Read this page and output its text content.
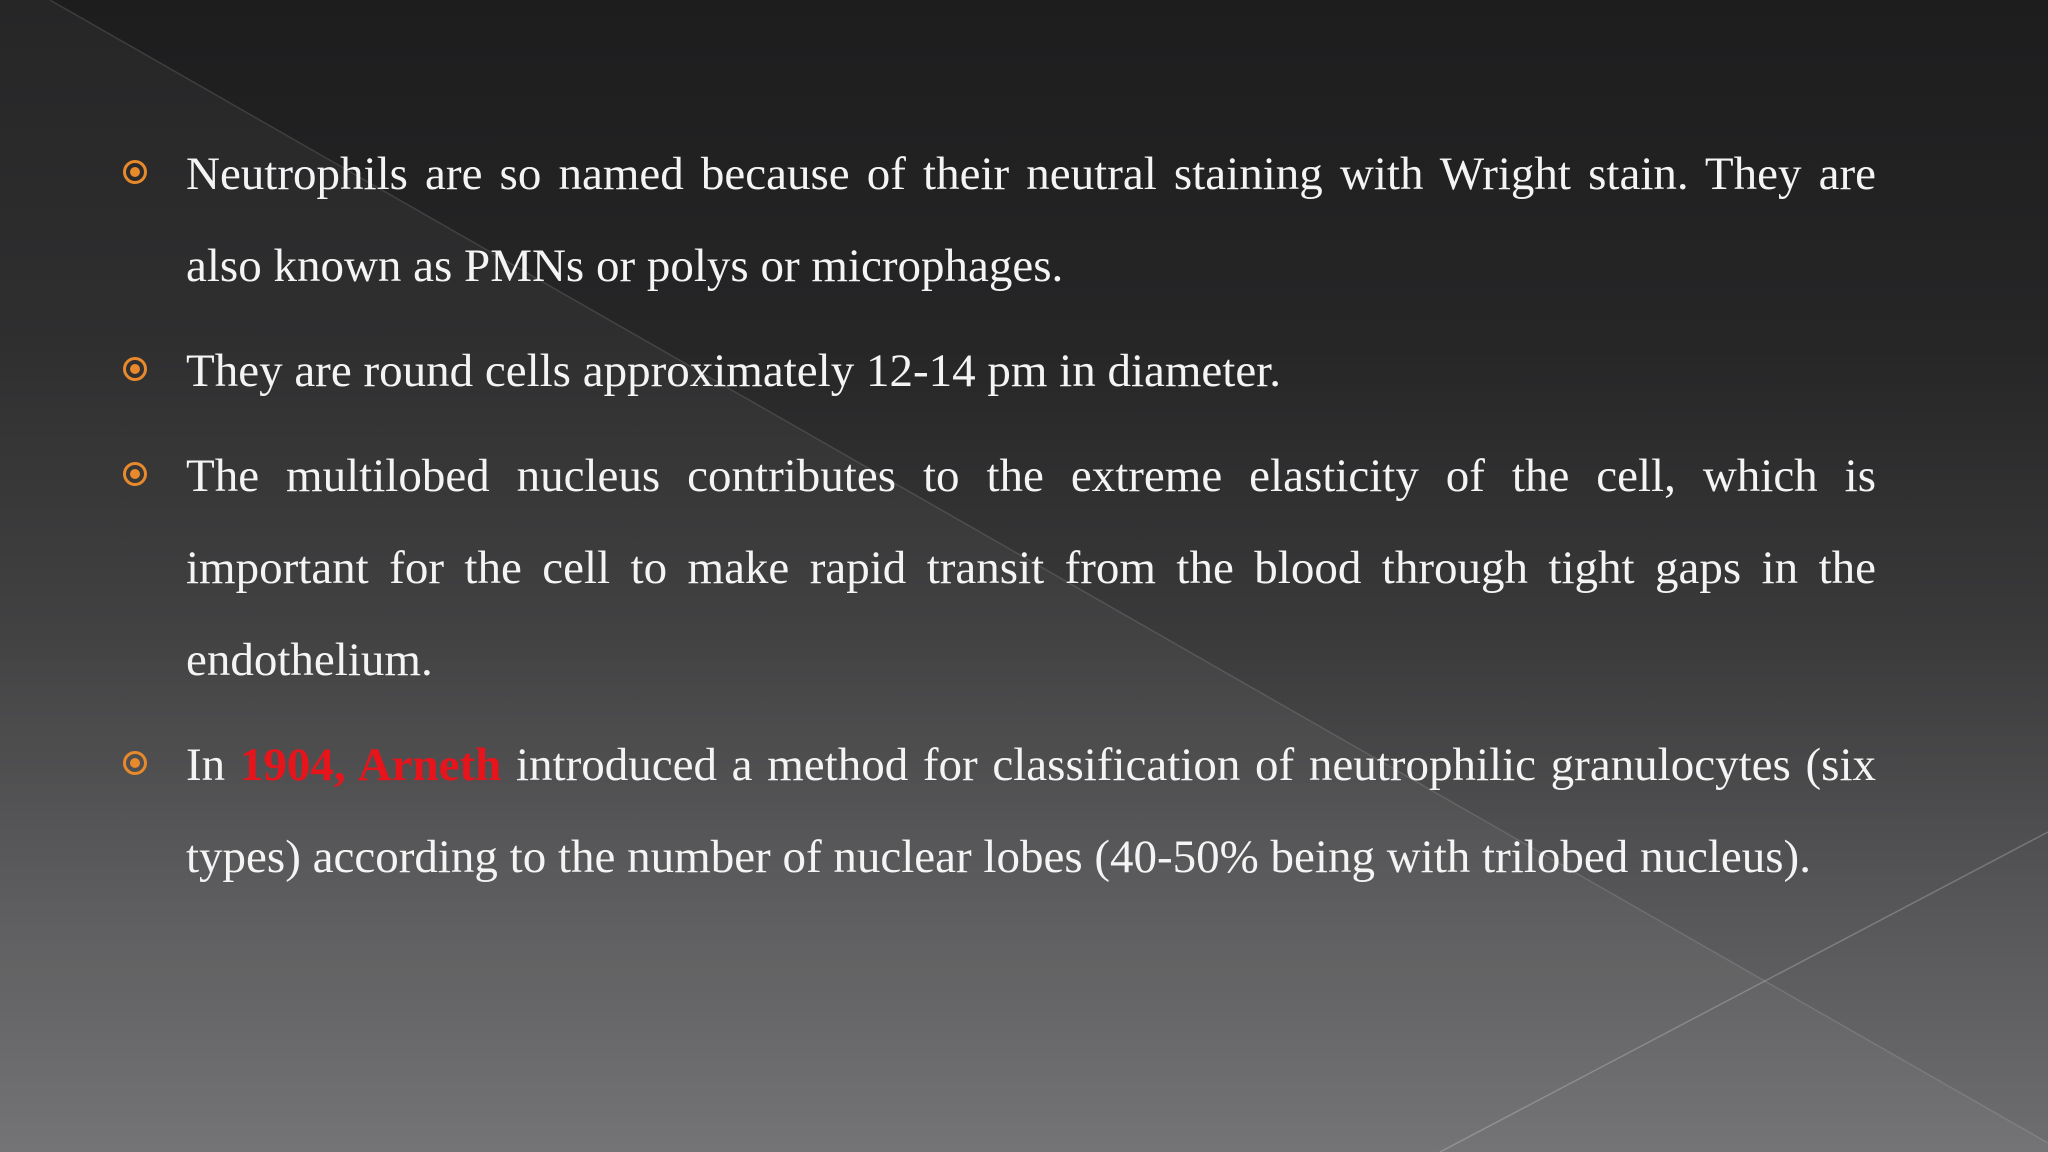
Neutrophils are so named because of their neutral staining with Wright stain. They are also known as PMNs or polys or microphages.
They are round cells approximately 12-14 pm in diameter.
The multilobed nucleus contributes to the extreme elasticity of the cell, which is important for the cell to make rapid transit from the blood through tight gaps in the endothelium.
In 1904, Arneth introduced a method for classification of neutrophilic granulocytes (six types) according to the number of nuclear lobes (40-50% being with trilobed nucleus).
